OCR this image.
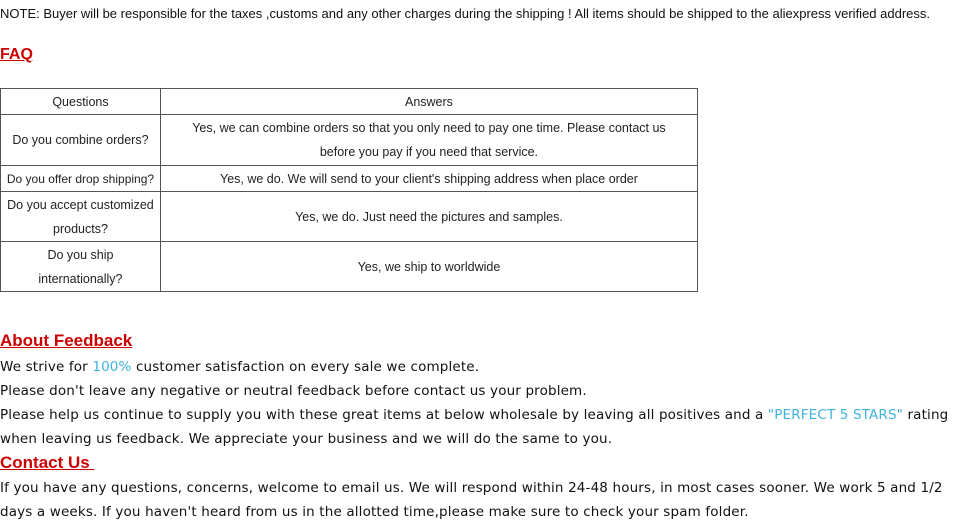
NOTE: Buyer will be responsible for the taxes ,customs and any other charges during the shipping ! All items should be shipped to the aliexpress verified address.
FAQ
Questions	Answers
Do you combine orders?	Yes, we can combine orders so that you only need to pay one time. Please contact us before you pay if you need that service.
Do you offer drop shipping?	Yes, we do. We will send to your client's shipping address when place order
Do you accept customized products?	Yes, we do. Just need the pictures and samples.
Do you ship internationally?	Yes, we ship to worldwide
About Feedback
We strive for 100% customer satisfaction on every sale we complete.
Please don't leave any negative or neutral feedback before contact us your problem.
Please help us continue to supply you with these great items at below wholesale by leaving all positives and a "PERFECT 5 STARS" rating when leaving us feedback. We appreciate your business and we will do the same to you.
Contact Us
If you have any questions, concerns, welcome to email us. We will respond within 24-48 hours, in most cases sooner. We work 5 and 1/2 days a weeks. If you haven't heard from us in the allotted time,please make sure to check your spam folder.
